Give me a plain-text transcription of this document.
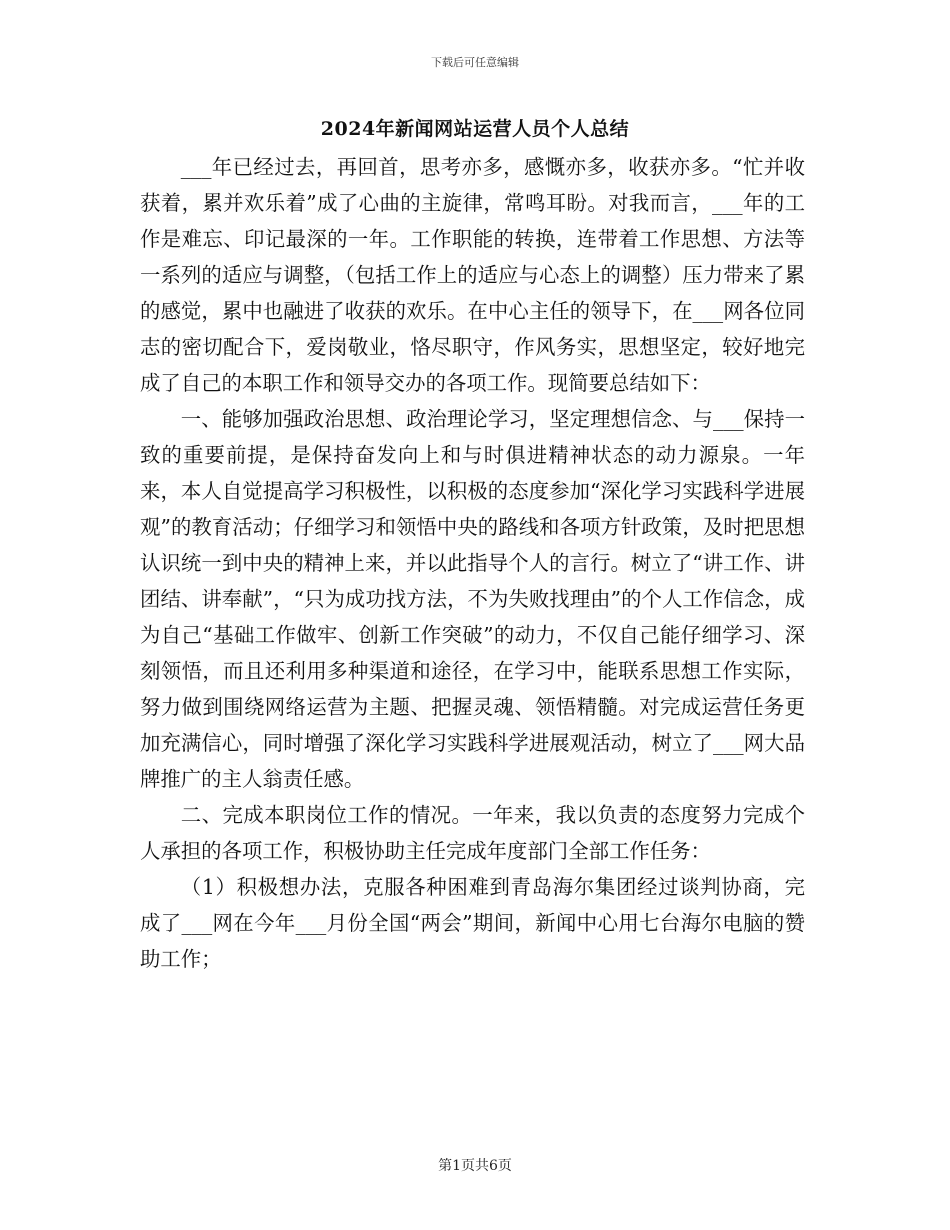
下载后可任意编辑
2024年新闻网站运营人员个人总结

___年已经过去，再回首，思考亦多，感慨亦多，收获亦多。“忙并收获着，累并欢乐着”成了心曲的主旋律，常鸣耳盼。对我而言，___年的工作是难忘、印记最深的一年。工作职能的转换，连带着工作思想、方法等一系列的适应与调整，（包括工作上的适应与心态上的调整）压力带来了累的感觉，累中也融进了收获的欢乐。在中心主任的领导下，在___网各位同志的密切配合下，爱岗敬业，恪尽职守，作风务实，思想坚定，较好地完成了自己的本职工作和领导交办的各项工作。现简要总结如下：

一、能够加强政治思想、政治理论学习，坚定理想信念、与___保持一致的重要前提，是保持奋发向上和与时俱进精神状态的动力源泉。一年来，本人自觉提高学习积极性，以积极的态度参加“深化学习实践科学进展观”的教育活动；仔细学习和领悟中央的路线和各项方针政策，及时把思想认识统一到中央的精神上来，并以此指导个人的言行。树立了“讲工作、讲团结、讲奉献”，“只为成功找方法，不为失败找理由”的个人工作信念，成为自己“基础工作做牢、创新工作突破”的动力，不仅自己能仔细学习、深刻领悟，而且还利用多种渠道和途径，在学习中，能联系思想工作实际，努力做到围绕网络运营为主题、把握灵魂、领悟精髓。对完成运营任务更加充满信心，同时增强了深化学习实践科学进展观活动，树立了___网大品牌推广的主人翁责任感。

二、完成本职岗位工作的情况。一年来，我以负责的态度努力完成个人承担的各项工作，积极协助主任完成年度部门全部工作任务：

（1）积极想办法，克服各种困难到青岛海尔集团经过谈判协商，完成了___网在今年___月份全国“两会”期间，新闻中心用七台海尔电脑的赞助工作；

第1页共6页
